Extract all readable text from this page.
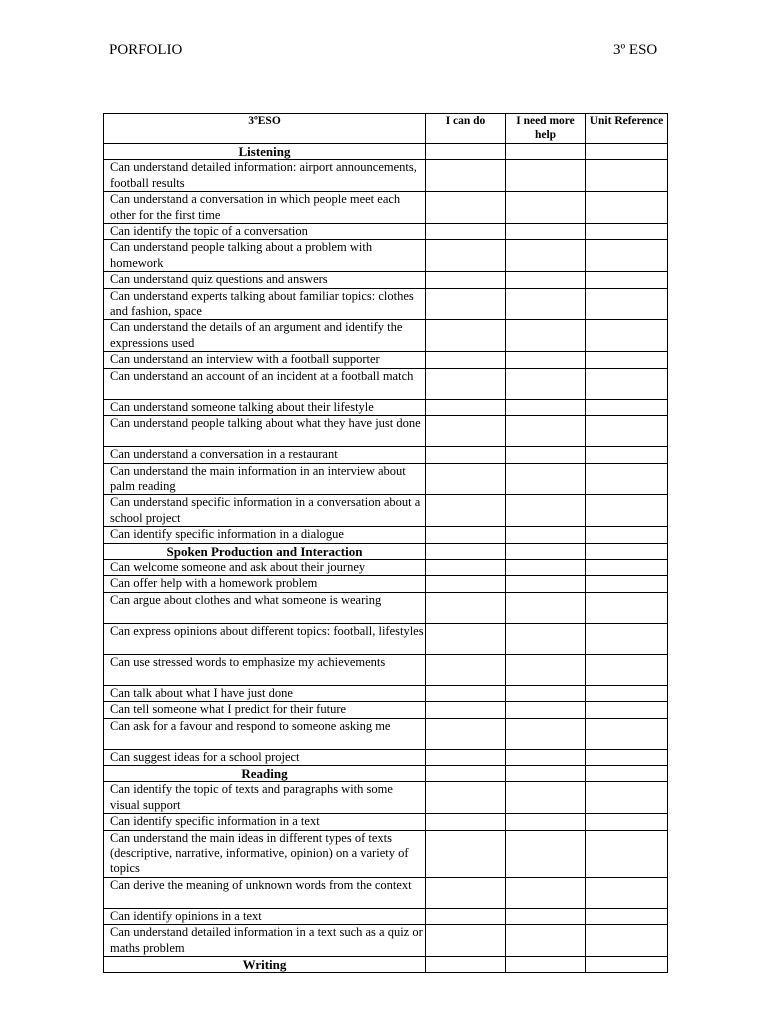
PORFOLIO	3º ESO
3ºESO	I can do	I need more help	Unit Reference
Listening			
Can understand detailed information: airport announcements, football results			
Can understand a conversation in which people meet each other for the first time			
Can identify the topic of a conversation			
Can understand people talking about a problem with homework			
Can understand quiz questions and answers			
Can understand experts talking about familiar topics: clothes and fashion, space			
Can understand the details of an argument and identify the expressions used			
Can understand an interview with a football supporter			
Can understand an account of an incident at a football match			
Can understand someone talking about their lifestyle			
Can understand people talking about what they have just done			
Can understand a conversation in a restaurant			
Can understand the main information in an interview about palm reading			
Can understand specific information in a conversation about a school project			
Can identify specific information in a dialogue			
Spoken Production and Interaction			
Can welcome someone and ask about their journey			
Can offer help with a homework problem			
Can argue about clothes and what someone is wearing			
Can express opinions about different topics: football, lifestyles			
Can use stressed words to emphasize my achievements			
Can talk about what I have just done			
Can tell someone what I predict for their future			
Can ask for a favour and respond to someone asking me			
Can suggest ideas for a school project			
Reading			
Can identify the topic of texts and paragraphs with some visual support			
Can identify specific information in a text			
Can understand the main ideas in different types of texts (descriptive, narrative, informative, opinion) on a variety of topics			
Can derive the meaning of unknown words from the context			
Can identify opinions in a text			
Can understand detailed information in a text such as a quiz or maths problem			
Writing			
